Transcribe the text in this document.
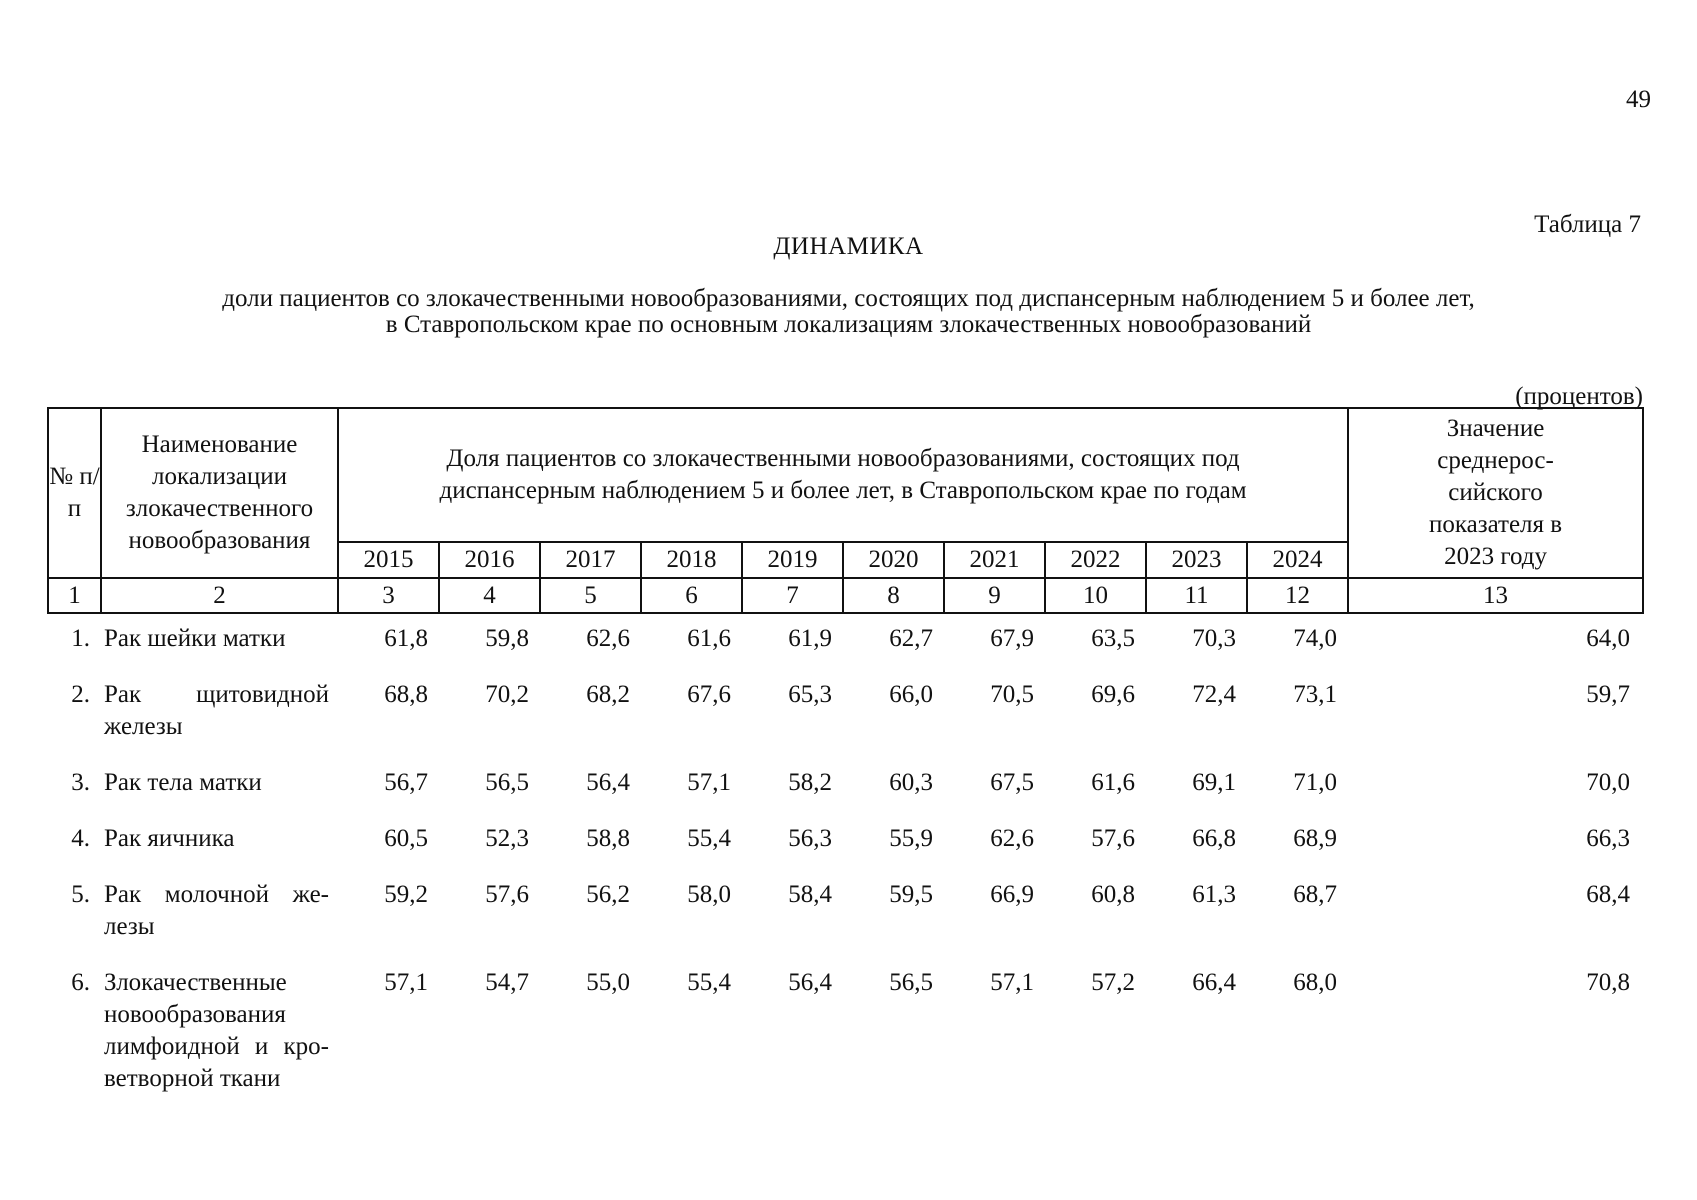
49
Таблица 7
ДИНАМИКА
доли пациентов со злокачественными новообразованиями, состоящих под диспансерным наблюдением 5 и более лет,
в Ставропольском крае по основным локализациям злокачественных новообразований
(процентов)
№ п/п	Наименование локализации злокачественного новообразования	Доля пациентов со злокачественными новообразованиями, состоящих под
диспансерным наблюдением 5 и более лет, в Ставропольском крае по годам										Значение среднерос-сийского показателя в 2023 году
		2015	2016	2017	2018	2019	2020	2021	2022	2023	2024	
1	2	3	4	5	6	7	8	9	10	11	12	13
1.	Рак шейки матки	61,8	59,8	62,6	61,6	61,9	62,7	67,9	63,5	70,3	74,0	64,0
2.	Рак щитовидной железы	68,8	70,2	68,2	67,6	65,3	66,0	70,5	69,6	72,4	73,1	59,7
3.	Рак тела матки	56,7	56,5	56,4	57,1	58,2	60,3	67,5	61,6	69,1	71,0	70,0
4.	Рак яичника	60,5	52,3	58,8	55,4	56,3	55,9	62,6	57,6	66,8	68,9	66,3
5.	Рак молочной же-лезы	59,2	57,6	56,2	58,0	58,4	59,5	66,9	60,8	61,3	68,7	68,4
6.	Злокачественные новообразования лимфоидной и кро-ветворной ткани	57,1	54,7	55,0	55,4	56,4	56,5	57,1	57,2	66,4	68,0	70,8
